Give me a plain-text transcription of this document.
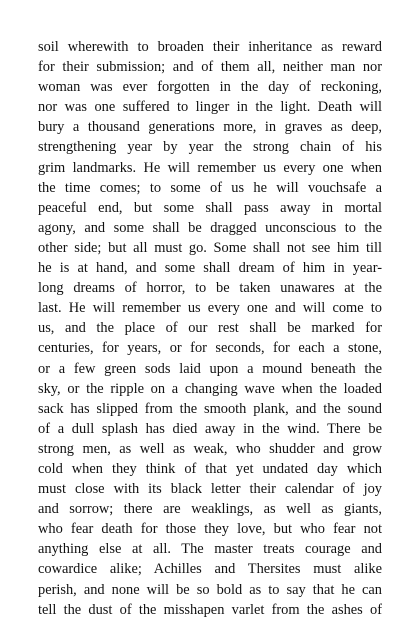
soil wherewith to broaden their inheritance as reward
for their submission; and of them all, neither man nor
woman was ever forgotten in the day of reckoning,
nor was one suffered to linger in the light. Death will
bury a thousand generations more, in graves as deep,
strengthening year by year the strong chain of his
grim landmarks. He will remember us every one when
the time comes; to some of us he will vouchsafe a
peaceful end, but some shall pass away in mortal
agony, and some shall be dragged unconscious to the
other side; but all must go. Some shall not see him till
he is at hand, and some shall dream of him in year-
long dreams of horror, to be taken unawares at the
last. He will remember us every one and will come to
us, and the place of our rest shall be marked for
centuries, for years, or for seconds, for each a stone,
or a few green sods laid upon a mound beneath the
sky, or the ripple on a changing wave when the loaded
sack has slipped from the smooth plank, and the sound
of a dull splash has died away in the wind. There be
strong men, as well as weak, who shudder and grow
cold when they think of that yet undated day which
must close with its black letter their calendar of joy
and sorrow; there are weaklings, as well as giants,
who fear death for those they love, but who fear not
anything else at all. The master treats courage and
cowardice alike; Achilles and Thersites must alike
perish, and none will be so bold as to say that he can
tell the dust of the misshapen varlet from the ashes of
